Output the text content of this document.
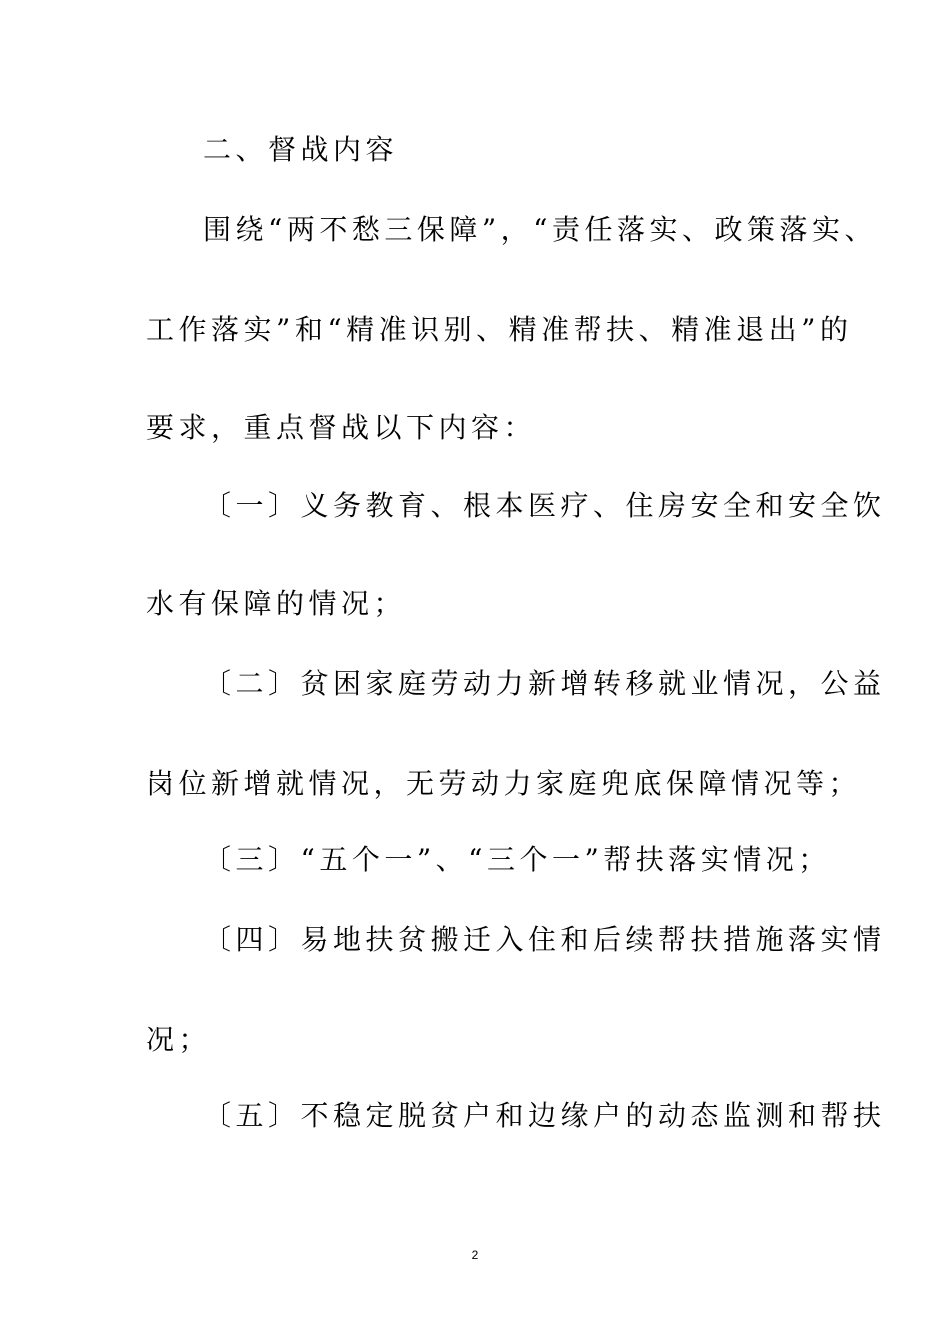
二、督战内容
围绕“两不愁三保障”，“责任落实、政策落实、
工作落实”和“精准识别、精准帮扶、精准退出”的
要求，重点督战以下内容：
〔一〕义务教育、根本医疗、住房安全和安全饮
水有保障的情况；
〔二〕贫困家庭劳动力新增转移就业情况，公益
岗位新增就情况，无劳动力家庭兜底保障情况等；
〔三〕“五个一”、“三个一”帮扶落实情况；
〔四〕易地扶贫搬迁入住和后续帮扶措施落实情
况；
〔五〕不稳定脱贫户和边缘户的动态监测和帮扶
2
